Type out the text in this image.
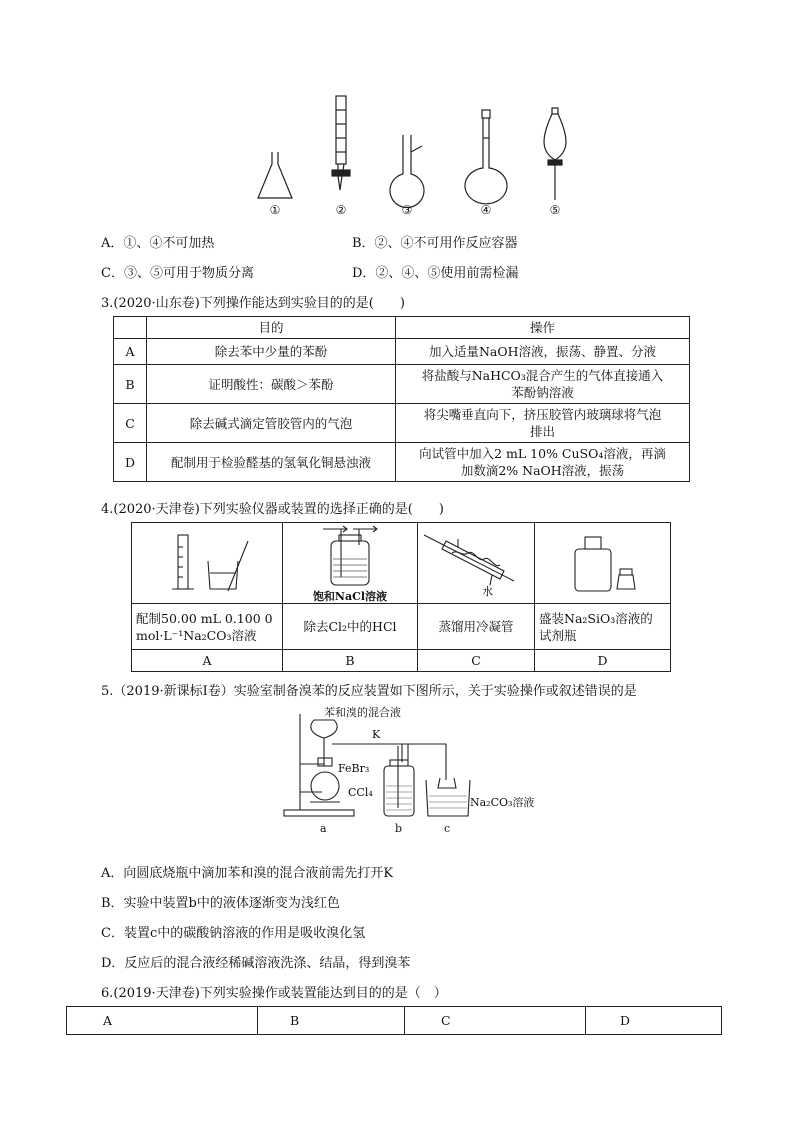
①	②	③	④	⑤
A．①、④不可加热	B．②、④不可用作反应容器
C．③、⑤可用于物质分离	D．②、④、⑤使用前需检漏
3.(2020·山东卷)下列操作能达到实验目的的是(　　)
	目的	操作
A	除去苯中少量的苯酚	加入适量NaOH溶液，振荡、静置、分液
B	证明酸性：碳酸＞苯酚	将盐酸与NaHCO₃混合产生的气体直接通入
苯酚钠溶液
C	除去碱式滴定管胶管内的气泡	将尖嘴垂直向下，挤压胶管内玻璃球将气泡
排出
D	配制用于检验醛基的氢氧化铜悬浊液	向试管中加入2 mL 10% CuSO₄溶液，再滴
加数滴2% NaOH溶液，振荡
4.(2020·天津卷)下列实验仪器或装置的选择正确的是(　　)

饱和NaCl溶液	水

配制50.00 mL 0.100 0
mol·L⁻¹Na₂CO₃溶液	除去Cl₂中的HCl	蒸馏用冷凝管	盛装Na₂SiO₃溶液的
试剂瓶
A	B	C	D
5.（2019·新课标Ⅰ卷）实验室制备溴苯的反应装置如下图所示，关于实验操作或叙述错误的是
苯和溴的混合液
K
FeBr₃
CCl₄
Na₂CO₃溶液
a	b	c
A．向圆底烧瓶中滴加苯和溴的混合液前需先打开K
B．实验中装置b中的液体逐渐变为浅红色
C．装置c中的碳酸钠溶液的作用是吸收溴化氢
D．反应后的混合液经稀碱溶液洗涤、结晶，得到溴苯
6.(2019·天津卷)下列实验操作或装置能达到目的的是（　）
A	B	C	D
